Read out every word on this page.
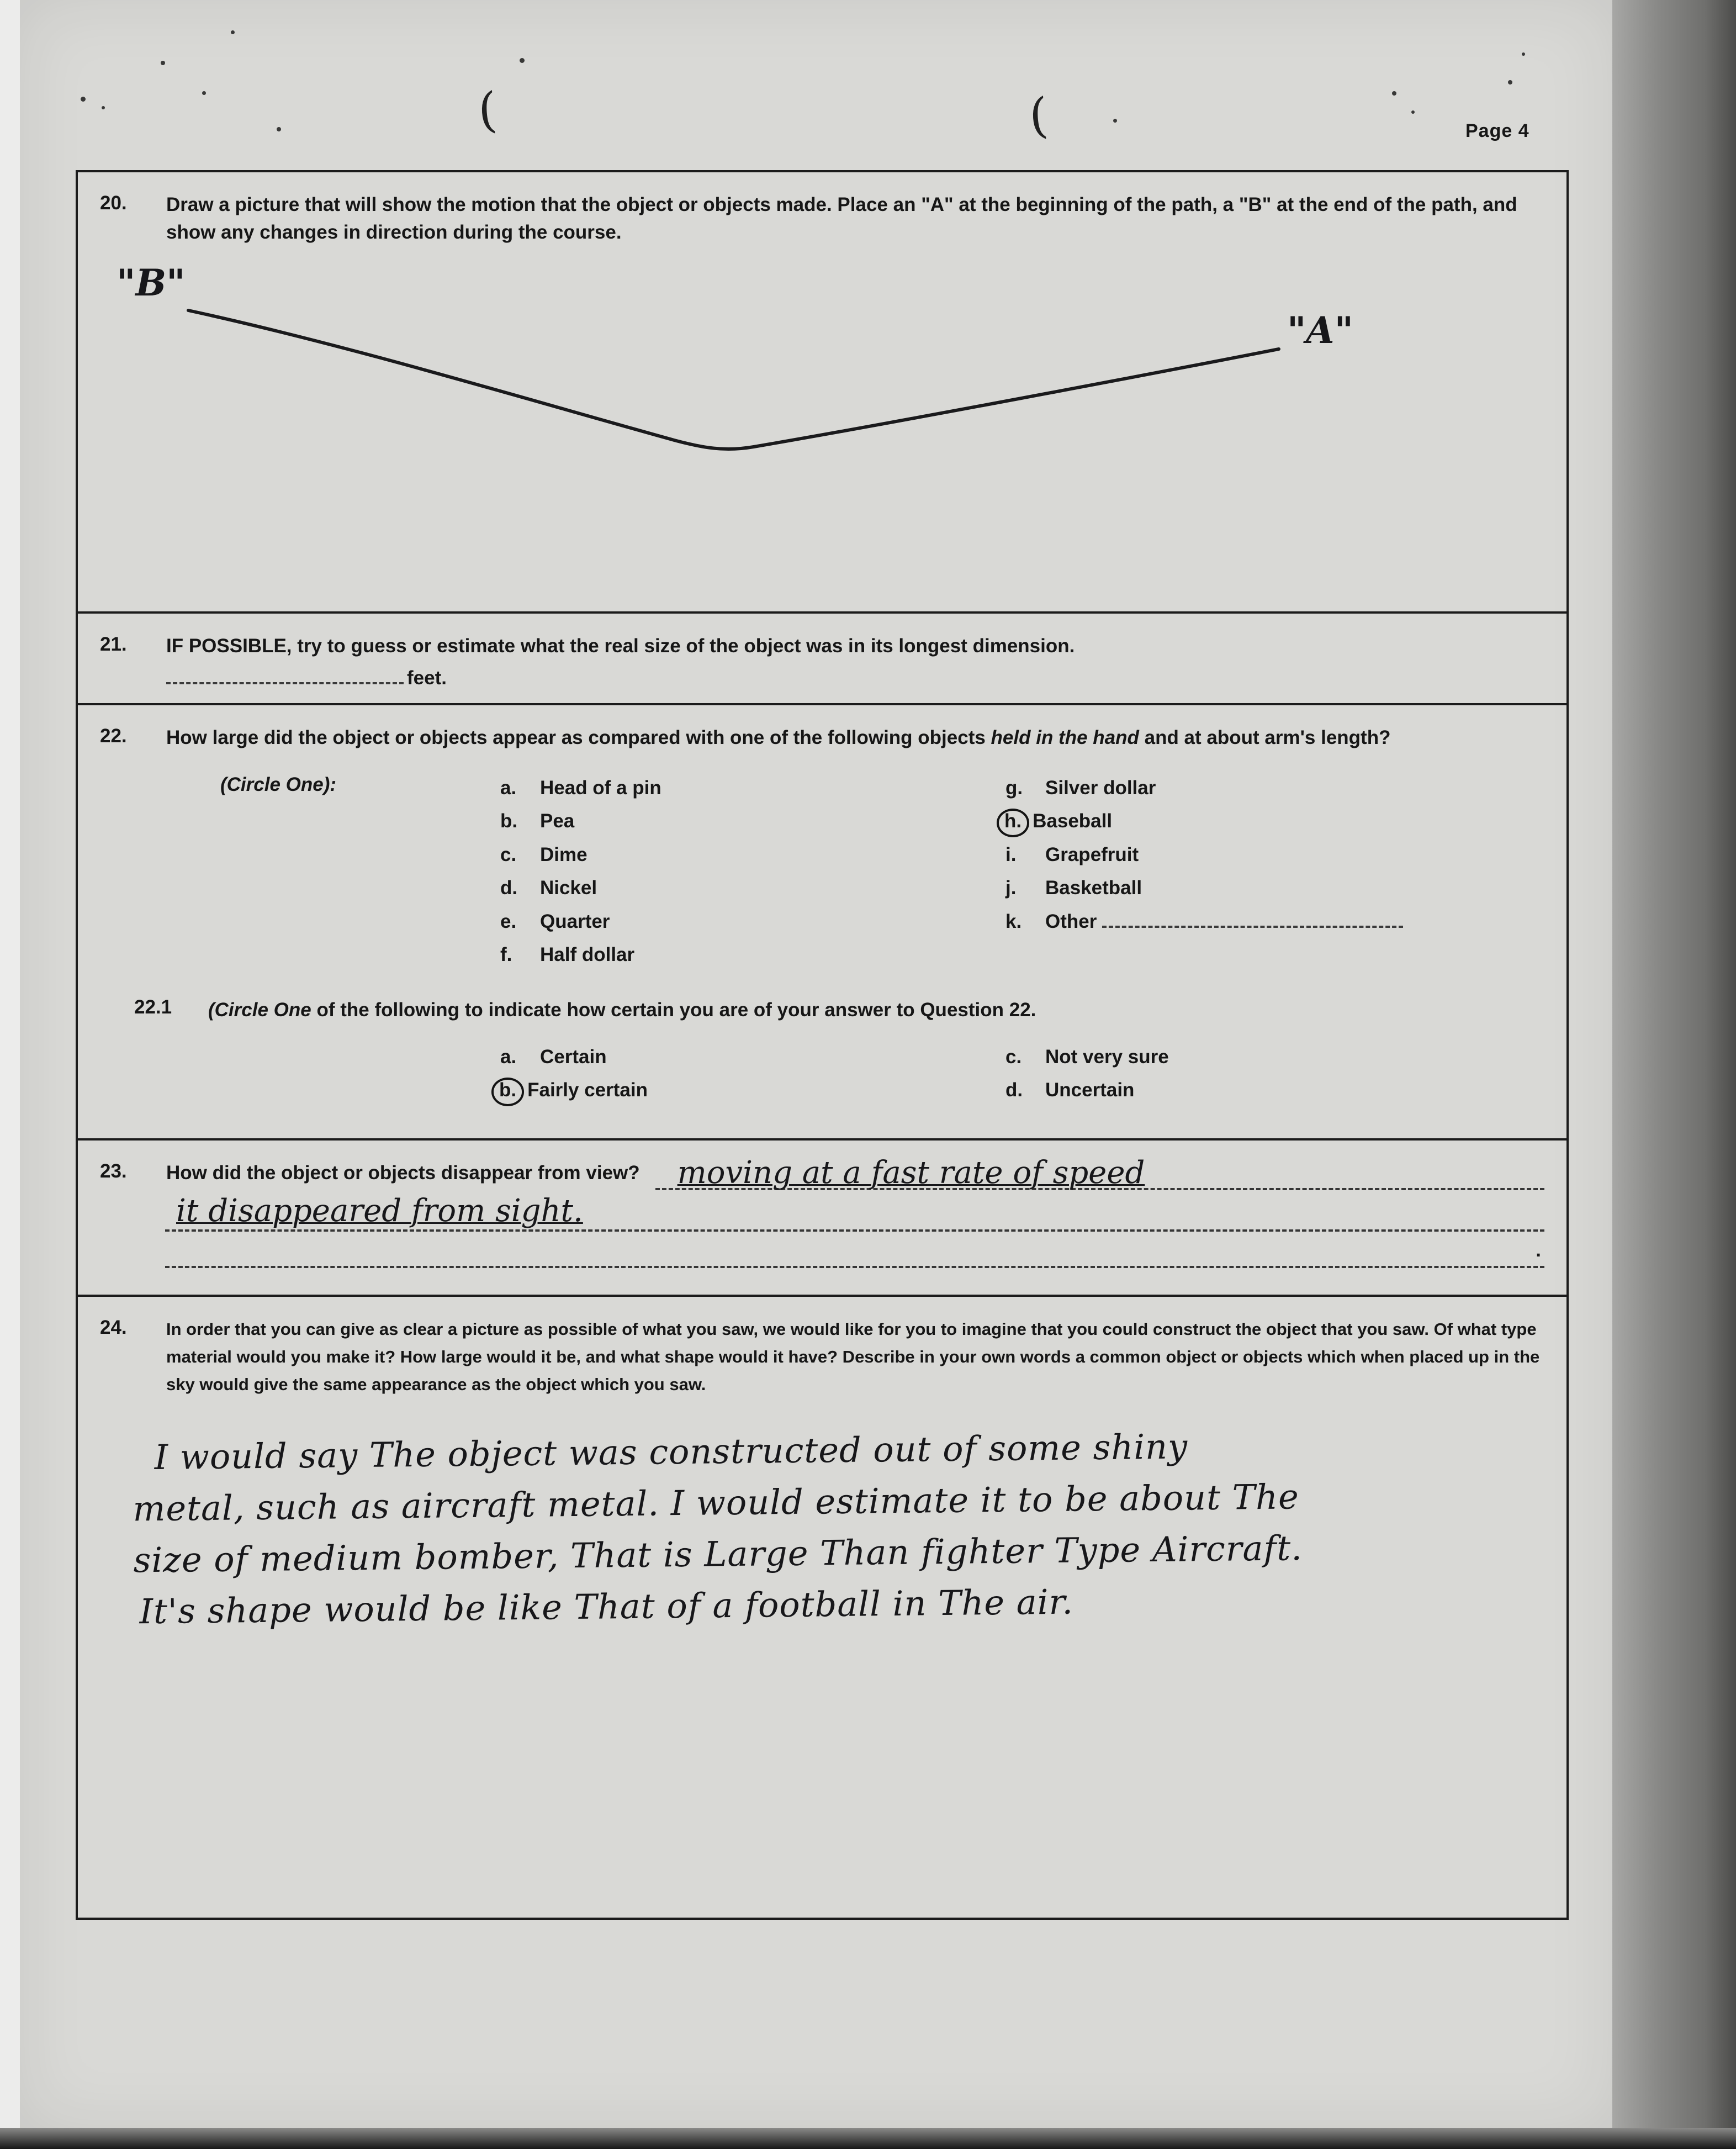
(	(	Page 4
20.	Draw a picture that will show the motion that the object or objects made. Place an "A" at the beginning of the path, a "B" at the end of the path, and show any changes in direction during the course.
"B"
"A"
21.	IF POSSIBLE, try to guess or estimate what the real size of the object was in its longest dimension.
feet.
22.	How large did the object or objects appear as compared with one of the following objects held in the hand and at about arm's length?
(Circle One):	a. Head of a pin
b. Pea
c. Dime
d. Nickel
e. Quarter
f. Half dollar
g. Silver dollar
h. Baseball
i. Grapefruit
j. Basketball
k. Other
22.1	(Circle One of the following to indicate how certain you are of your answer to Question 22.
a. Certain
b. Fairly certain
c. Not very sure
d. Uncertain
23.	How did the object or objects disappear from view?	moving at a fast rate of speed
it disappeared from sight.
.
24.	In order that you can give as clear a picture as possible of what you saw, we would like for you to imagine that you could construct the object that you saw. Of what type material would you make it? How large would it be, and what shape would it have? Describe in your own words a common object or objects which when placed up in the sky would give the same appearance as the object which you saw.
I would say The object was constructed out of some shiny
metal, such as aircraft metal. I would estimate it to be about The
size of medium bomber, That is Large Than fighter Type Aircraft.
It's shape would be like That of a football in The air.
